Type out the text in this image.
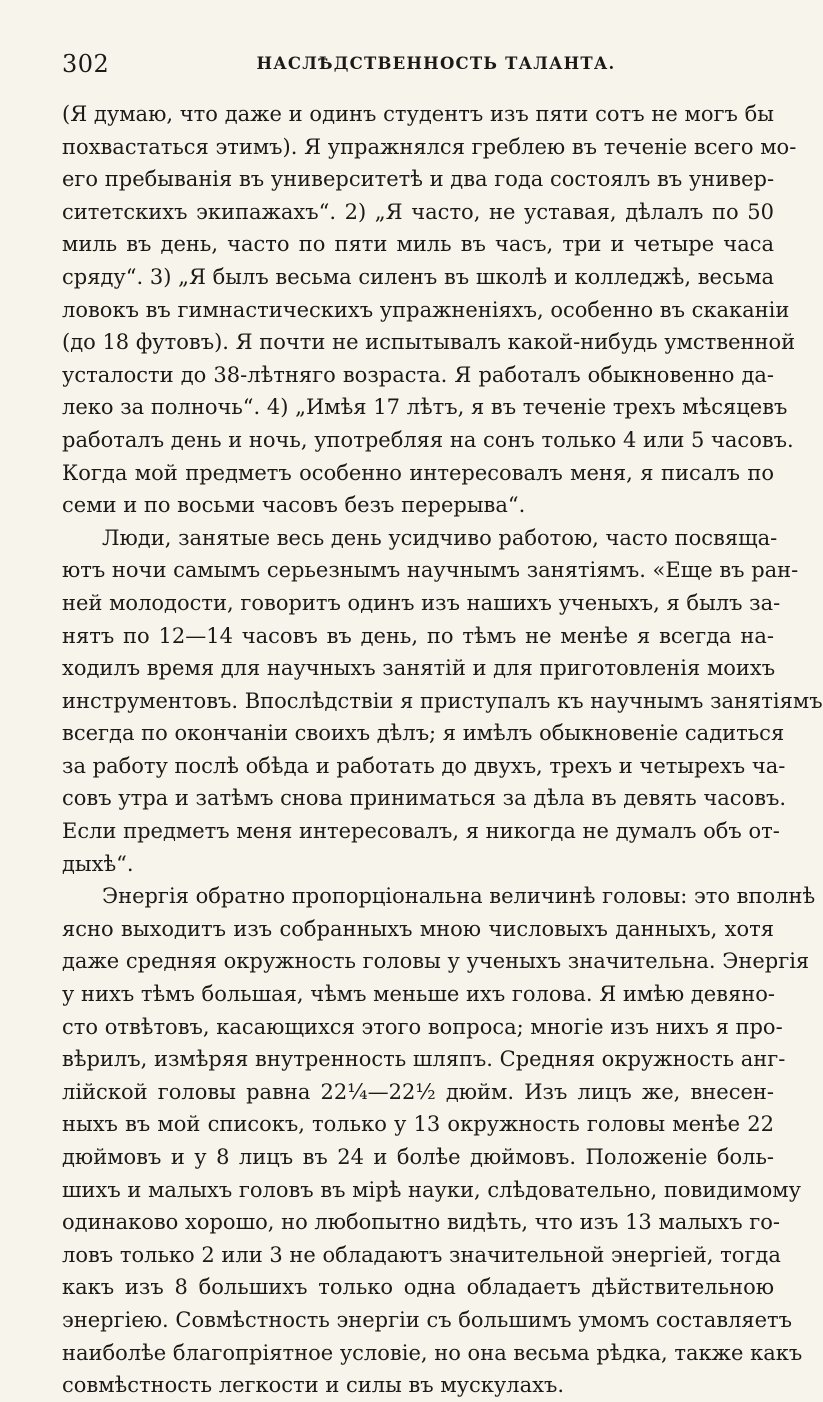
302	НАСЛѢДСТВЕННОСТЬ ТАЛАНТА.
(Я думаю, что даже и одинъ студентъ изъ пяти сотъ не могъ бы
похвастаться этимъ). Я упражнялся греблею въ теченіе всего мо-
его пребыванія въ университетѣ и два года состоялъ въ универ-
ситетскихъ экипажахъ“. 2) „Я часто, не уставая, дѣлалъ по 50
миль въ день, часто по пяти миль въ часъ, три и четыре часа
сряду“. 3) „Я былъ весьма силенъ въ школѣ и колледжѣ, весьма
ловокъ въ гимнастическихъ упражненіяхъ, особенно въ скаканіи
(до 18 футовъ). Я почти не испытывалъ какой-нибудь умственной
усталости до 38-лѣтняго возраста. Я работалъ обыкновенно да-
леко за полночь“. 4) „Имѣя 17 лѣтъ, я въ теченіе трехъ мѣсяцевъ
работалъ день и ночь, употребляя на сонъ только 4 или 5 часовъ.
Когда мой предметъ особенно интересовалъ меня, я писалъ по
семи и по восьми часовъ безъ перерыва“.
Люди, занятые весь день усидчиво работою, часто посвяща-
ютъ ночи самымъ серьезнымъ научнымъ занятіямъ. «Еще въ ран-
ней молодости, говоритъ одинъ изъ нашихъ ученыхъ, я былъ за-
нятъ по 12—14 часовъ въ день, по тѣмъ не менѣе я всегда на-
ходилъ время для научныхъ занятій и для приготовленія моихъ
инструментовъ. Впослѣдствіи я приступалъ къ научнымъ занятіямъ
всегда по окончаніи своихъ дѣлъ; я имѣлъ обыкновеніе садиться
за работу послѣ обѣда и работать до двухъ, трехъ и четырехъ ча-
совъ утра и затѣмъ снова приниматься за дѣла въ девять часовъ.
Если предметъ меня интересовалъ, я никогда не думалъ объ от-
дыхѣ“.
Энергія обратно пропорціональна величинѣ головы: это вполнѣ
ясно выходитъ изъ собранныхъ мною числовыхъ данныхъ, хотя
даже средняя окружность головы у ученыхъ значительна. Энергія
у нихъ тѣмъ большая, чѣмъ меньше ихъ голова. Я имѣю девяно-
сто отвѣтовъ, касающихся этого вопроса; многіе изъ нихъ я про-
вѣрилъ, измѣряя внутренность шляпъ. Средняя окружность анг-
лійской головы равна 22¼—22½ дюйм. Изъ лицъ же, внесен-
ныхъ въ мой списокъ, только у 13 окружность головы менѣе 22
дюймовъ и у 8 лицъ въ 24 и болѣе дюймовъ. Положеніе боль-
шихъ и малыхъ головъ въ мірѣ науки, слѣдовательно, повидимому
одинаково хорошо, но любопытно видѣть, что изъ 13 малыхъ го-
ловъ только 2 или 3 не обладаютъ значительной энергіей, тогда
какъ изъ 8 большихъ только одна обладаетъ дѣйствительною
энергіею. Совмѣстность энергіи съ большимъ умомъ составляетъ
наиболѣе благопріятное условіе, но она весьма рѣдка, также какъ
совмѣстность легкости и силы въ мускулахъ.
